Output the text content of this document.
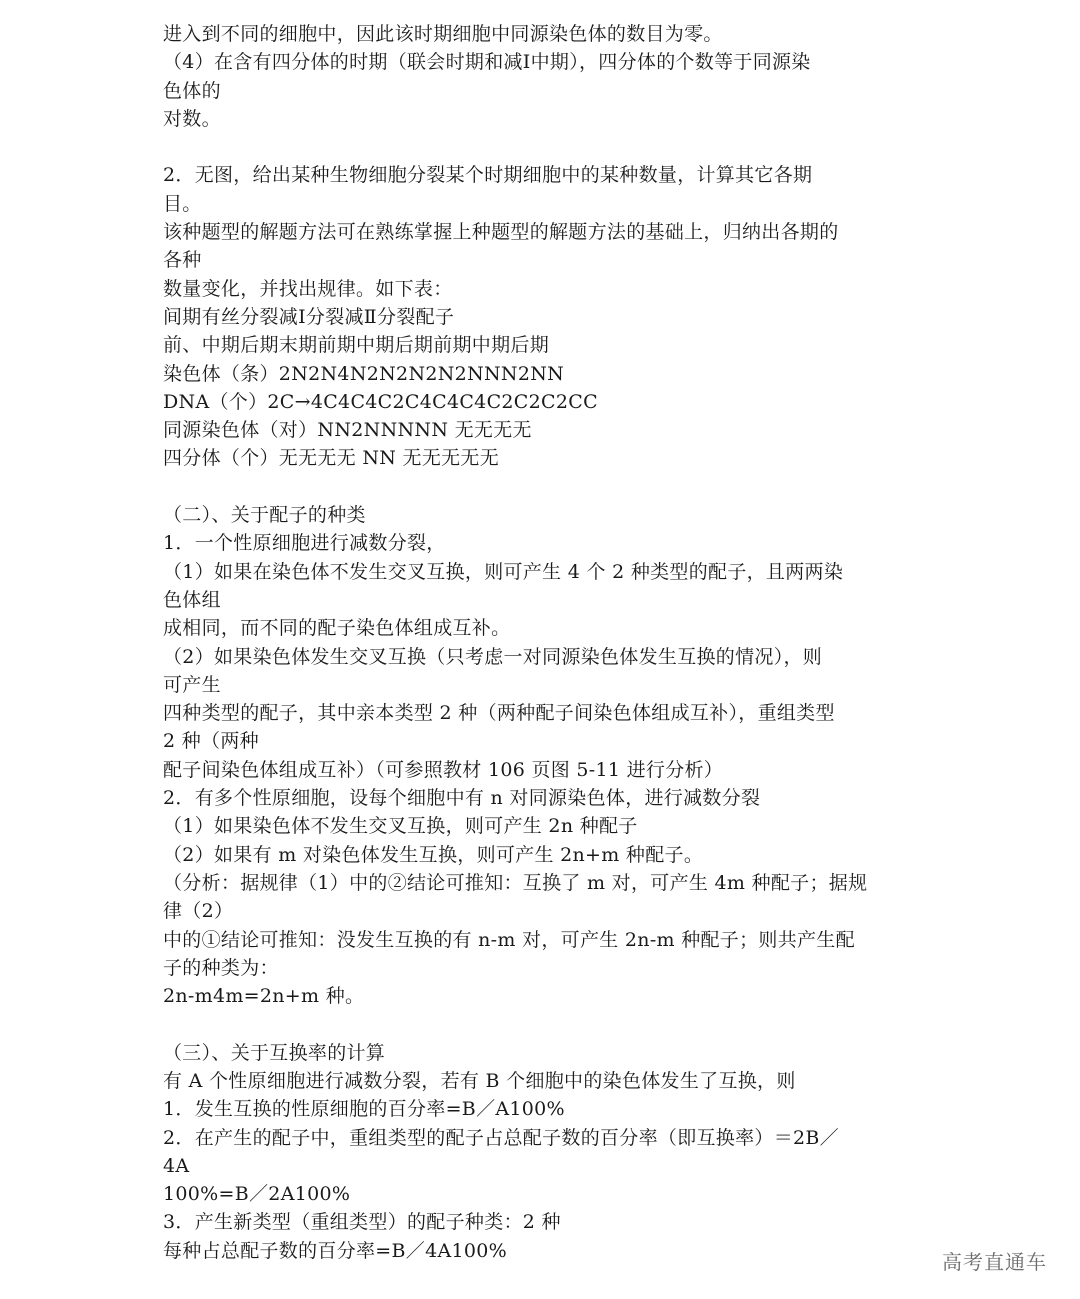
进入到不同的细胞中，因此该时期细胞中同源染色体的数目为零。
（4）在含有四分体的时期（联会时期和减Ⅰ中期），四分体的个数等于同源染
色体的
对数。
2．无图，给出某种生物细胞分裂某个时期细胞中的某种数量，计算其它各期
目。
该种题型的解题方法可在熟练掌握上种题型的解题方法的基础上，归纳出各期的
各种
数量变化，并找出规律。如下表：
间期有丝分裂减Ⅰ分裂减Ⅱ分裂配子
前、中期后期末期前期中期后期前期中期后期
染色体（条）2N2N4N2N2N2N2NNN2NN
DNA（个）2C→4C4C4C2C4C4C4C2C2C2CC
同源染色体（对）NN2NNNNN 无无无无
四分体（个）无无无无 NN 无无无无无
（二）、关于配子的种类
1．一个性原细胞进行减数分裂，
（1）如果在染色体不发生交叉互换，则可产生 4 个 2 种类型的配子，且两两染
色体组
成相同，而不同的配子染色体组成互补。
（2）如果染色体发生交叉互换（只考虑一对同源染色体发生互换的情况），则
可产生
四种类型的配子，其中亲本类型 2 种（两种配子间染色体组成互补），重组类型
2 种（两种
配子间染色体组成互补）（可参照教材 106 页图 5-11 进行分析）
2．有多个性原细胞，设每个细胞中有 n 对同源染色体，进行减数分裂
（1）如果染色体不发生交叉互换，则可产生 2n 种配子
（2）如果有 m 对染色体发生互换，则可产生 2n+m 种配子。
（分析：据规律（1）中的②结论可推知：互换了 m 对，可产生 4m 种配子；据规
律（2）
中的①结论可推知：没发生互换的有 n-m 对，可产生 2n-m 种配子；则共产生配
子的种类为：
2n-m4m=2n+m 种。
（三）、关于互换率的计算
有 A 个性原细胞进行减数分裂，若有 B 个细胞中的染色体发生了互换，则
1．发生互换的性原细胞的百分率=B／A100%
2．在产生的配子中，重组类型的配子占总配子数的百分率（即互换率）＝2B／
4A
100%=B／2A100%
3．产生新类型（重组类型）的配子种类：2 种
每种占总配子数的百分率=B／4A100%	高考直通车
